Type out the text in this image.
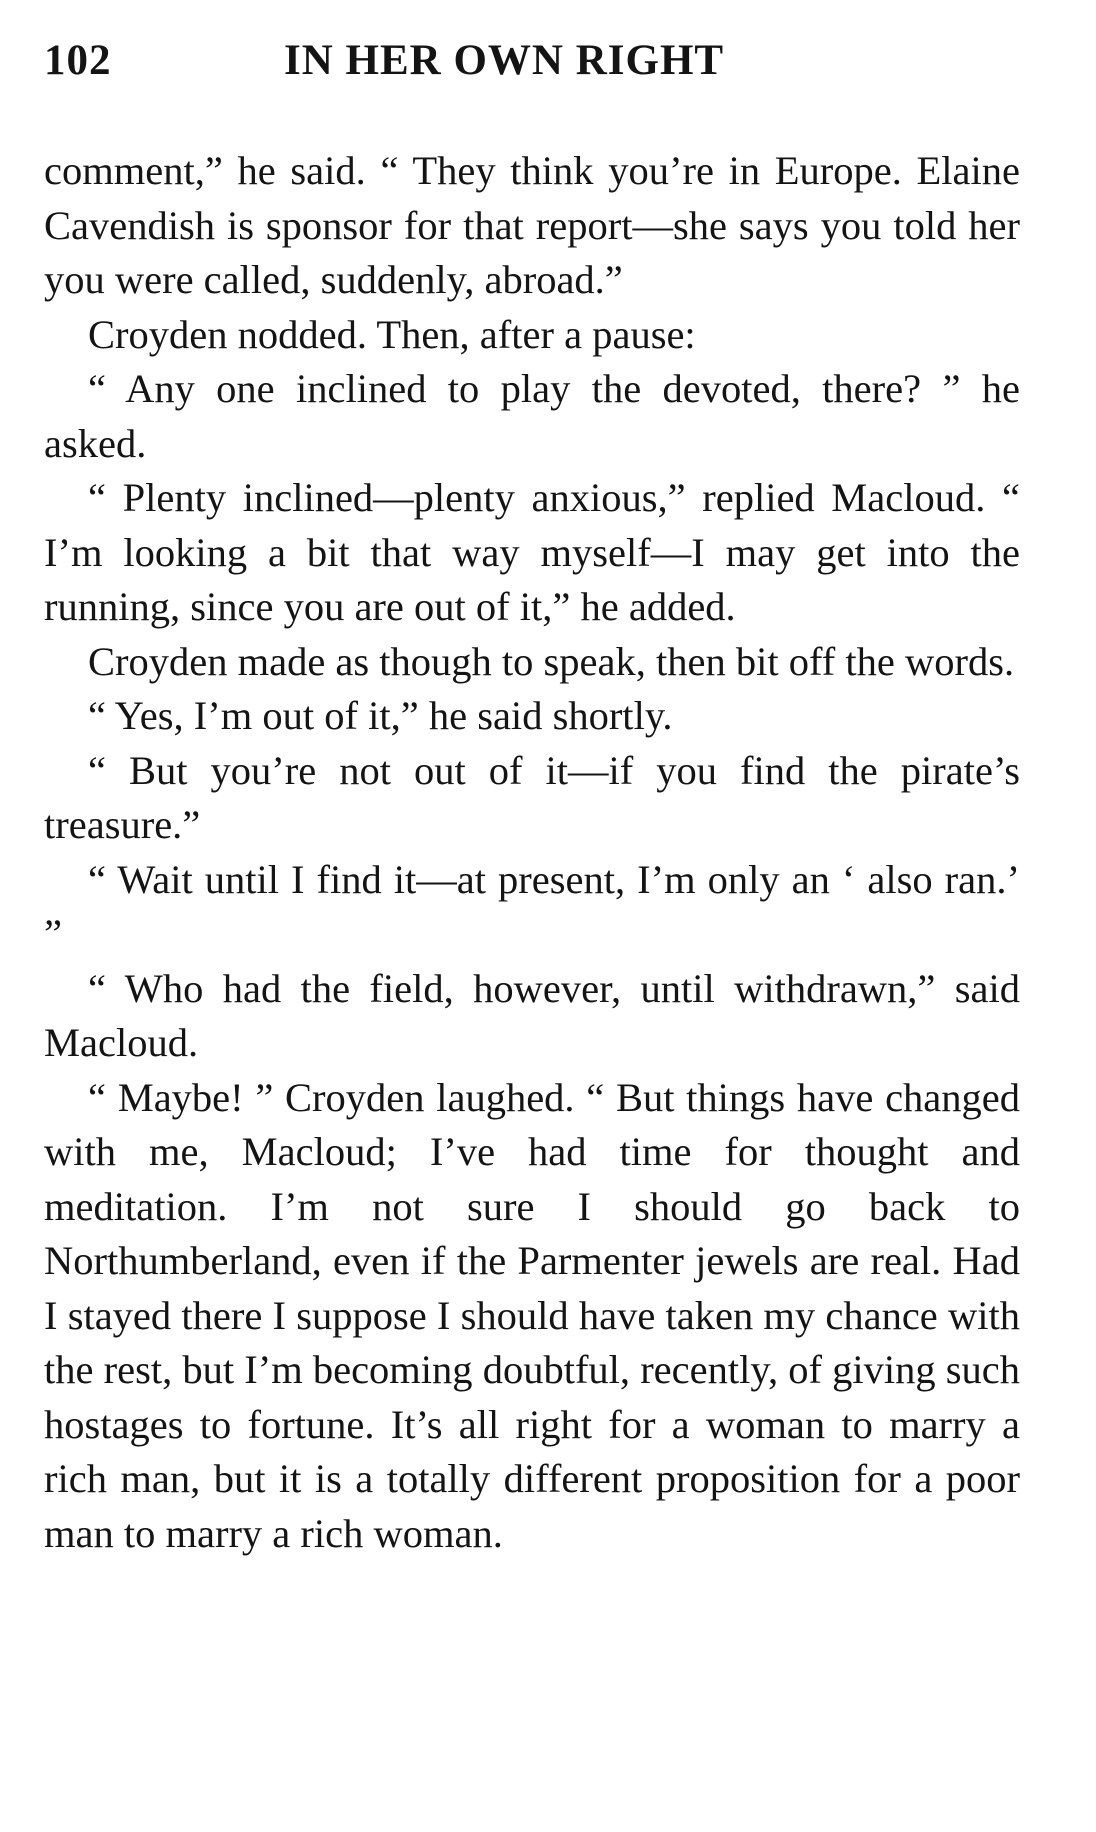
102	IN HER OWN RIGHT

comment,” he said. “ They think you’re in Europe. Elaine Cavendish is sponsor for that report—she says you told her you were called, suddenly, abroad.”

Croyden nodded. Then, after a pause:

“ Any one inclined to play the devoted, there? ” he asked.

“ Plenty inclined—plenty anxious,” replied Macloud. “ I’m looking a bit that way myself—I may get into the running, since you are out of it,” he added.

Croyden made as though to speak, then bit off the words.

“ Yes, I’m out of it,” he said shortly.

“ But you’re not out of it—if you find the pirate’s treasure.”

“ Wait until I find it—at present, I’m only an ‘ also ran.’ ”

“ Who had the field, however, until withdrawn,” said Macloud.

“ Maybe! ” Croyden laughed. “ But things have changed with me, Macloud; I’ve had time for thought and meditation. I’m not sure I should go back to Northumberland, even if the Parmenter jewels are real. Had I stayed there I suppose I should have taken my chance with the rest, but I’m becoming doubtful, recently, of giving such hostages to fortune. It’s all right for a woman to marry a rich man, but it is a totally different proposition for a poor man to marry a rich woman.
